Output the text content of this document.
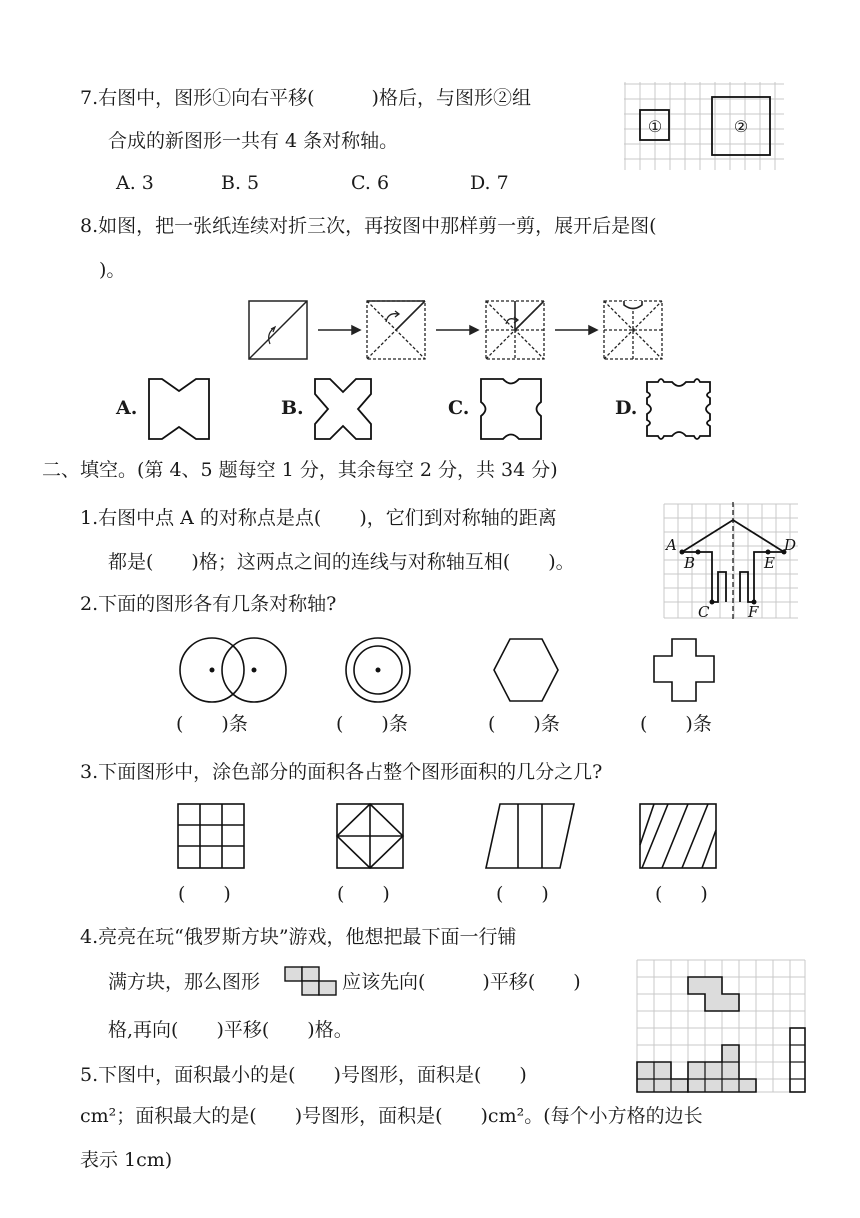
7.右图中，图形①向右平移(　　　)格后，与图形②组
合成的新图形一共有 4 条对称轴。
A. 3	B. 5	C. 6	D. 7
①	②
8.如图，把一张纸连续对折三次，再按图中那样剪一剪，展开后是图(
　)。
A.	B.	C.	D.
二、填空。(第 4、5 题每空 1 分，其余每空 2 分，共 34 分)
1.右图中点 A 的对称点是点(　　)，它们到对称轴的距离
都是(　　)格；这两点之间的连线与对称轴互相(　　)。
A
B
C
D
E
F
2.下面的图形各有几条对称轴?
(　　)条	(　　)条	(　　)条	(　　)条
3.下面图形中，涂色部分的面积各占整个图形面积的几分之几?
(　　)	(　　)	(　　)	(　　)
4.亮亮在玩“俄罗斯方块”游戏，他想把最下面一行铺
满方块，那么图形	应该先向(　　　)平移(　　)
格,再向(　　)平移(　　)格。
5.下图中，面积最小的是(　　)号图形，面积是(　　)
cm²；面积最大的是(　　)号图形，面积是(　　)cm²。(每个小方格的边长
表示 1cm)
